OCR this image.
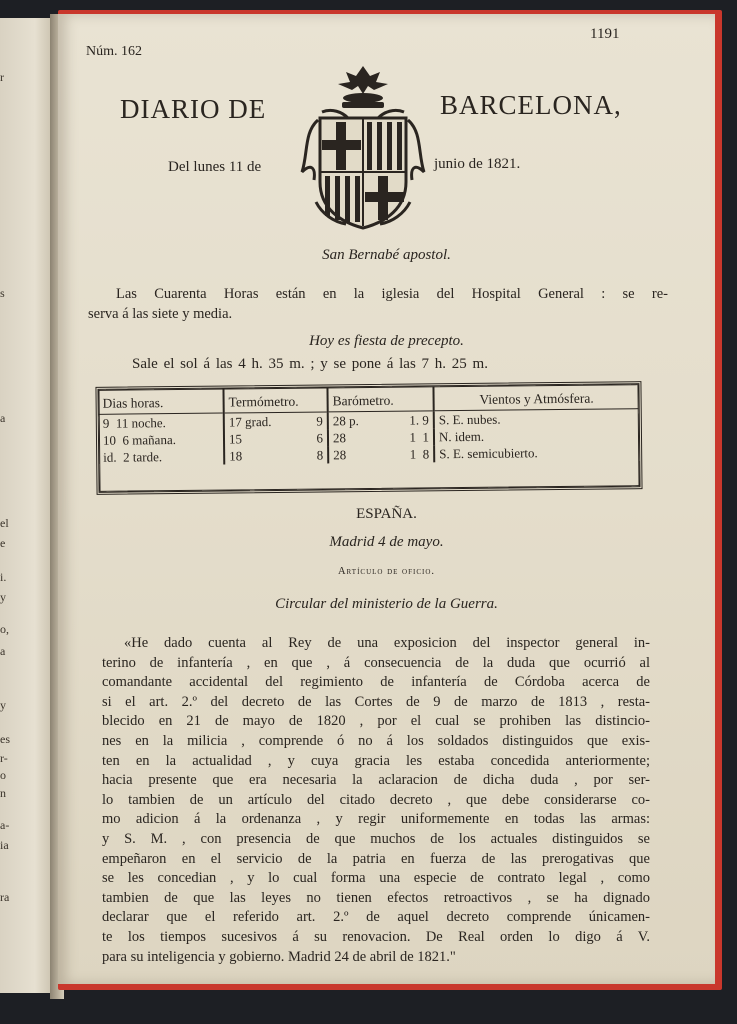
r
s
a
el
e
i.
y
o,
a
y
es
r-
o
n
a-
ia
ra
Núm. 162
1191
DIARIO DE	BARCELONA,
Del lunes 11 de	junio de 1821.
San Bernabé apostol.
Las Cuarenta Horas están en la iglesia del Hospital General : se re-
serva á las siete y media.
Hoy es fiesta de precepto.
Sale el sol á las 4 h. 35 m. ; y se pone á las 7 h. 25 m.
Dias horas.	Termómetro.	Barómetro.	Vientos y Atmósfera.
9 11 noche.	17 grad. 9	28 p. 1. 9	S. E. nubes.
10 6 mañana.	15 6	28 1 1	N. idem.
id. 2 tarde.	18 8	28 1 8	S. E. semicubierto.
ESPAÑA.
Madrid 4 de mayo.
Artículo de oficio.
Circular del ministerio de la Guerra.
«He dado cuenta al Rey de una exposicion del inspector general in-
terino de infantería , en que , á consecuencia de la duda que ocurrió al
comandante accidental del regimiento de infantería de Córdoba acerca de
si el art. 2.º del decreto de las Cortes de 9 de marzo de 1813 , resta-
blecido en 21 de mayo de 1820 , por el cual se prohiben las distincio-
nes en la milicia , comprende ó no á los soldados distinguidos que exis-
ten en la actualidad , y cuya gracia les estaba concedida anteriormente;
hacia presente que era necesaria la aclaracion de dicha duda , por ser-
lo tambien de un artículo del citado decreto , que debe considerarse co-
mo adicion á la ordenanza , y regir uniformemente en todas las armas:
y S. M. , con presencia de que muchos de los actuales distinguidos se
empeñaron en el servicio de la patria en fuerza de las prerogativas que
se les concedian , y lo cual forma una especie de contrato legal , como
tambien de que las leyes no tienen efectos retroactivos , se ha dignado
declarar que el referido art. 2.º de aquel decreto comprende únicamen-
te los tiempos sucesivos á su renovacion. De Real orden lo digo á V.
para su inteligencia y gobierno. Madrid 24 de abril de 1821."
